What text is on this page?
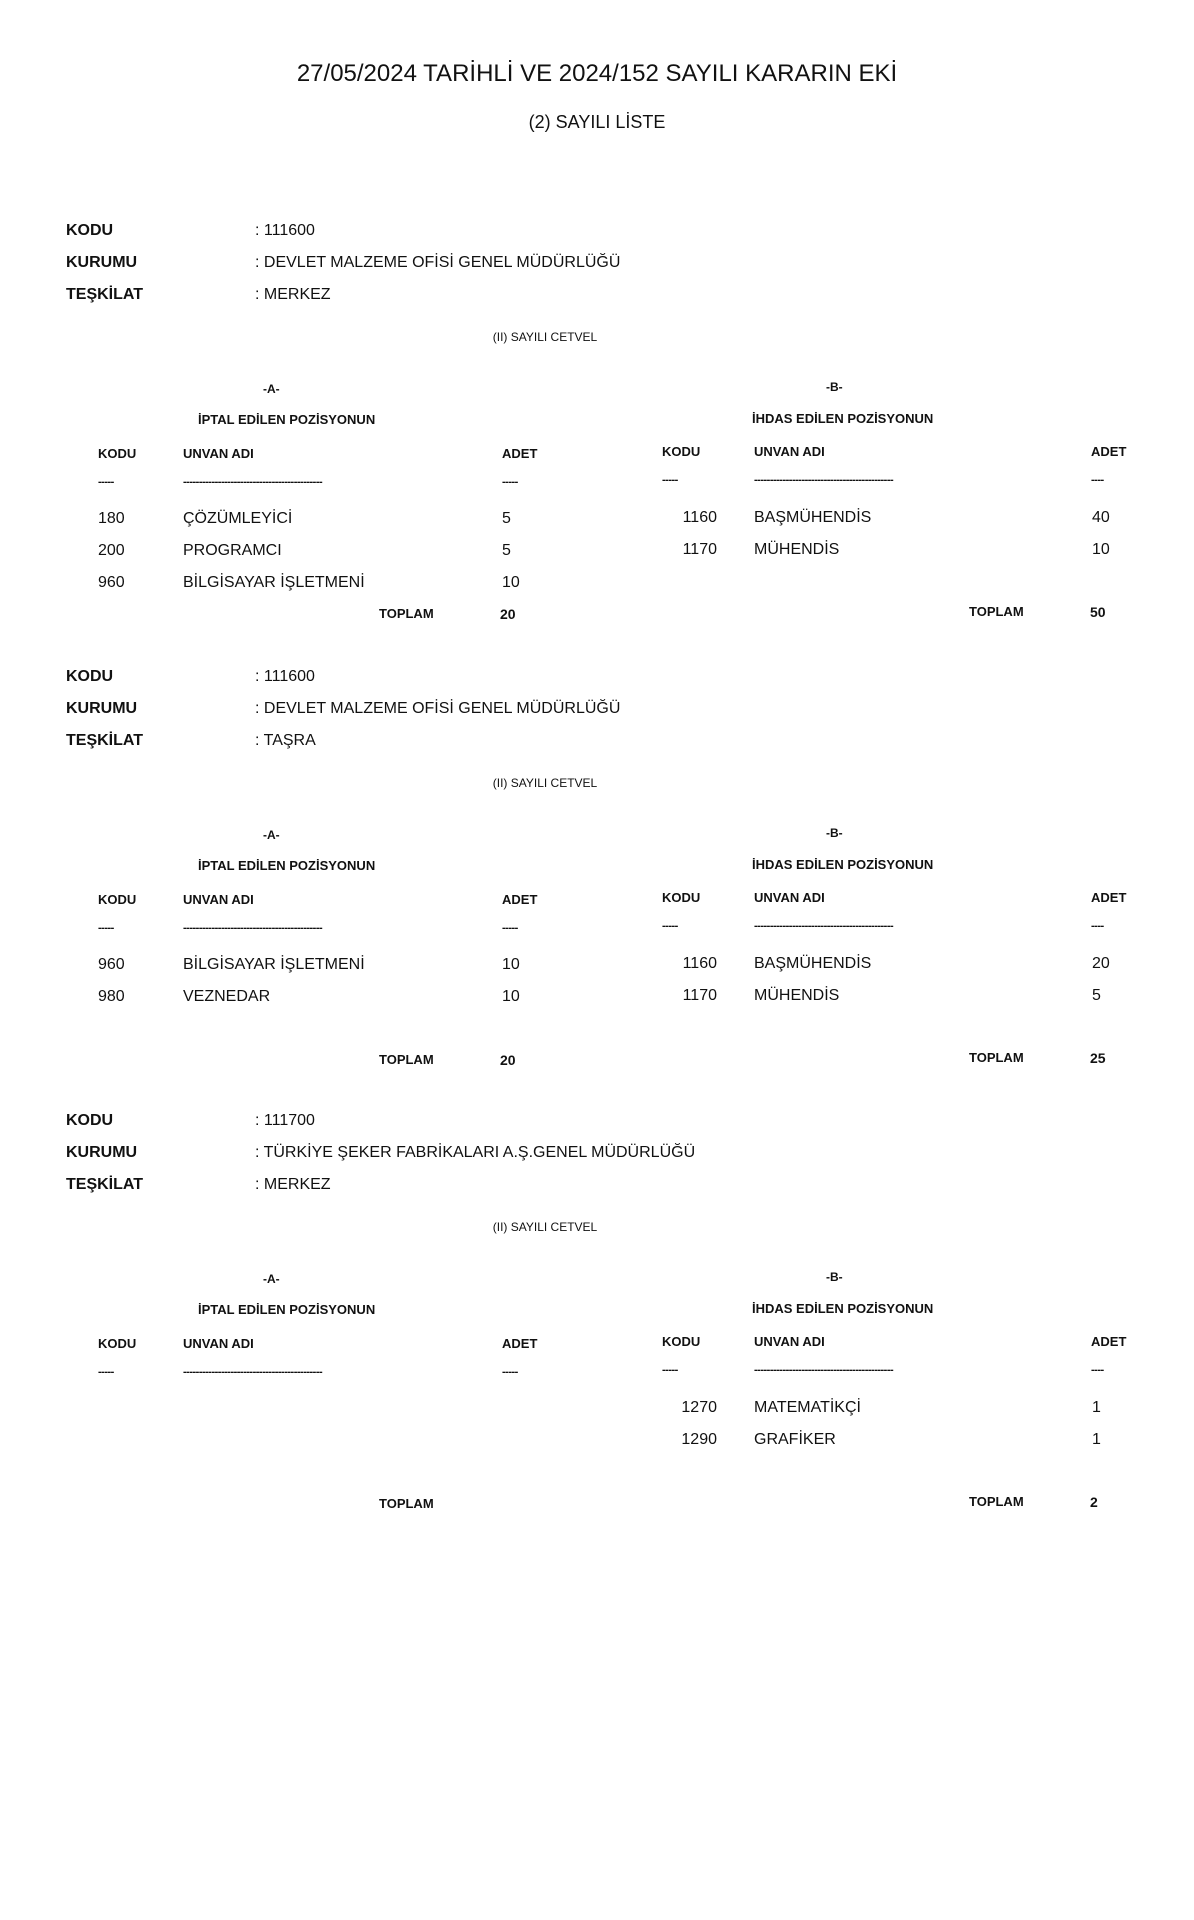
27/05/2024 TARİHLİ VE 2024/152 SAYILI KARARIN EKİ
(2) SAYILI LİSTE
KODU	: 111600
KURUMU	: DEVLET MALZEME OFİSİ GENEL MÜDÜRLÜĞÜ
TEŞKİLAT	: MERKEZ
(II) SAYILI CETVEL
-A-
İPTAL EDİLEN POZİSYONUN
KODU	UNVAN ADI	ADET
-----	--------------------------------------------	-----
180	ÇÖZÜMLEYİCİ	5
200	PROGRAMCI	5
960	BİLGİSAYAR İŞLETMENİ	10
TOPLAM	20
-B-
İHDAS EDİLEN POZİSYONUN
KODU	UNVAN ADI	ADET
-----	--------------------------------------------	----
1160 BAŞMÜHENDİS	40
1170 MÜHENDİS	10
TOPLAM	50
KODU	: 111600
KURUMU	: DEVLET MALZEME OFİSİ GENEL MÜDÜRLÜĞÜ
TEŞKİLAT	: TAŞRA
(II) SAYILI CETVEL
-A-
İPTAL EDİLEN POZİSYONUN
KODU	UNVAN ADI	ADET
-----	--------------------------------------------	-----
960	BİLGİSAYAR İŞLETMENİ	10
980	VEZNEDAR	10
TOPLAM	20
-B-
İHDAS EDİLEN POZİSYONUN
KODU	UNVAN ADI	ADET
-----	--------------------------------------------	----
1160 BAŞMÜHENDİS	20
1170 MÜHENDİS	5
TOPLAM	25
KODU	: 111700
KURUMU	: TÜRKİYE ŞEKER FABRİKALARI A.Ş.GENEL MÜDÜRLÜĞÜ
TEŞKİLAT	: MERKEZ
(II) SAYILI CETVEL
-A-
İPTAL EDİLEN POZİSYONUN
KODU	UNVAN ADI	ADET
-----	--------------------------------------------	-----
TOPLAM
-B-
İHDAS EDİLEN POZİSYONUN
KODU	UNVAN ADI	ADET
-----	--------------------------------------------	----
1270 MATEMATİKÇİ	1
1290 GRAFİKER	1
TOPLAM	2
